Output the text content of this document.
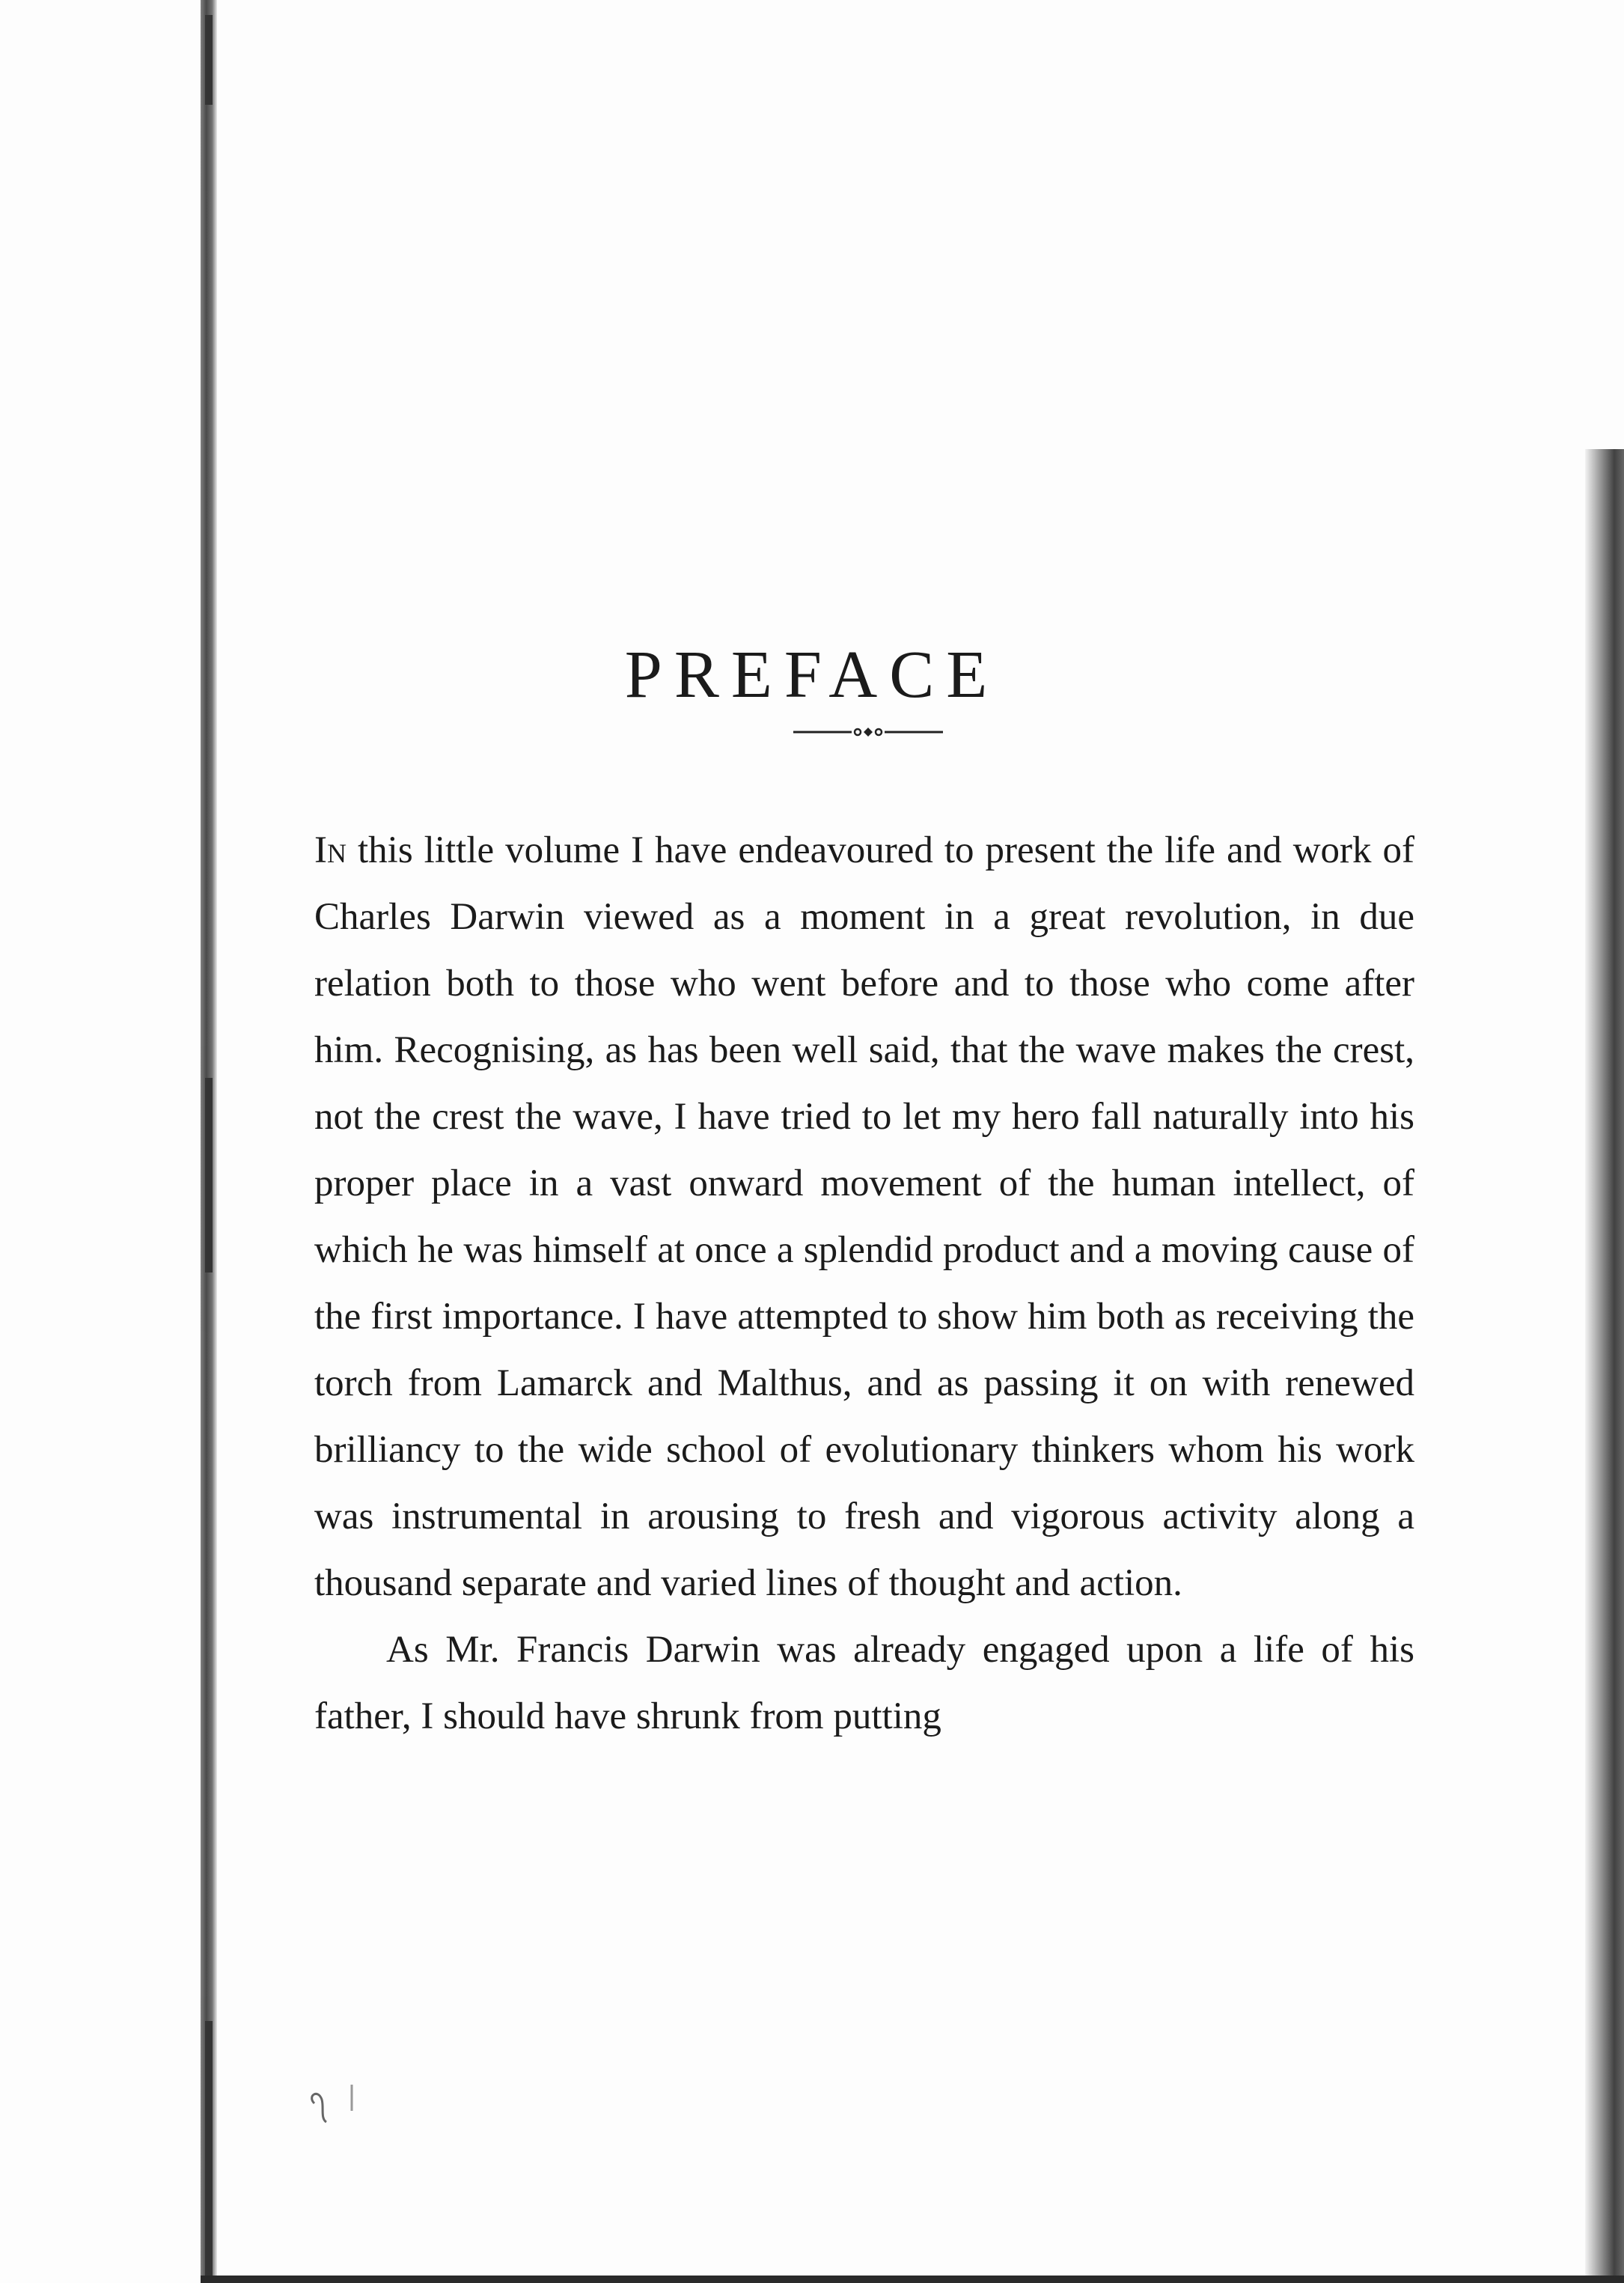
PREFACE

In this little volume I have endeavoured to present the life and work of Charles Darwin viewed as a moment in a great revolution, in due relation both to those who went before and to those who come after him. Recognising, as has been well said, that the wave makes the crest, not the crest the wave, I have tried to let my hero fall naturally into his proper place in a vast onward movement of the human intellect, of which he was himself at once a splendid product and a moving cause of the first importance. I have attempted to show him both as receiving the torch from Lamarck and Malthus, and as passing it on with renewed brilliancy to the wide school of evolutionary thinkers whom his work was instrumental in arousing to fresh and vigorous activity along a thousand separate and varied lines of thought and action.

As Mr. Francis Darwin was already engaged upon a life of his father, I should have shrunk from putting
